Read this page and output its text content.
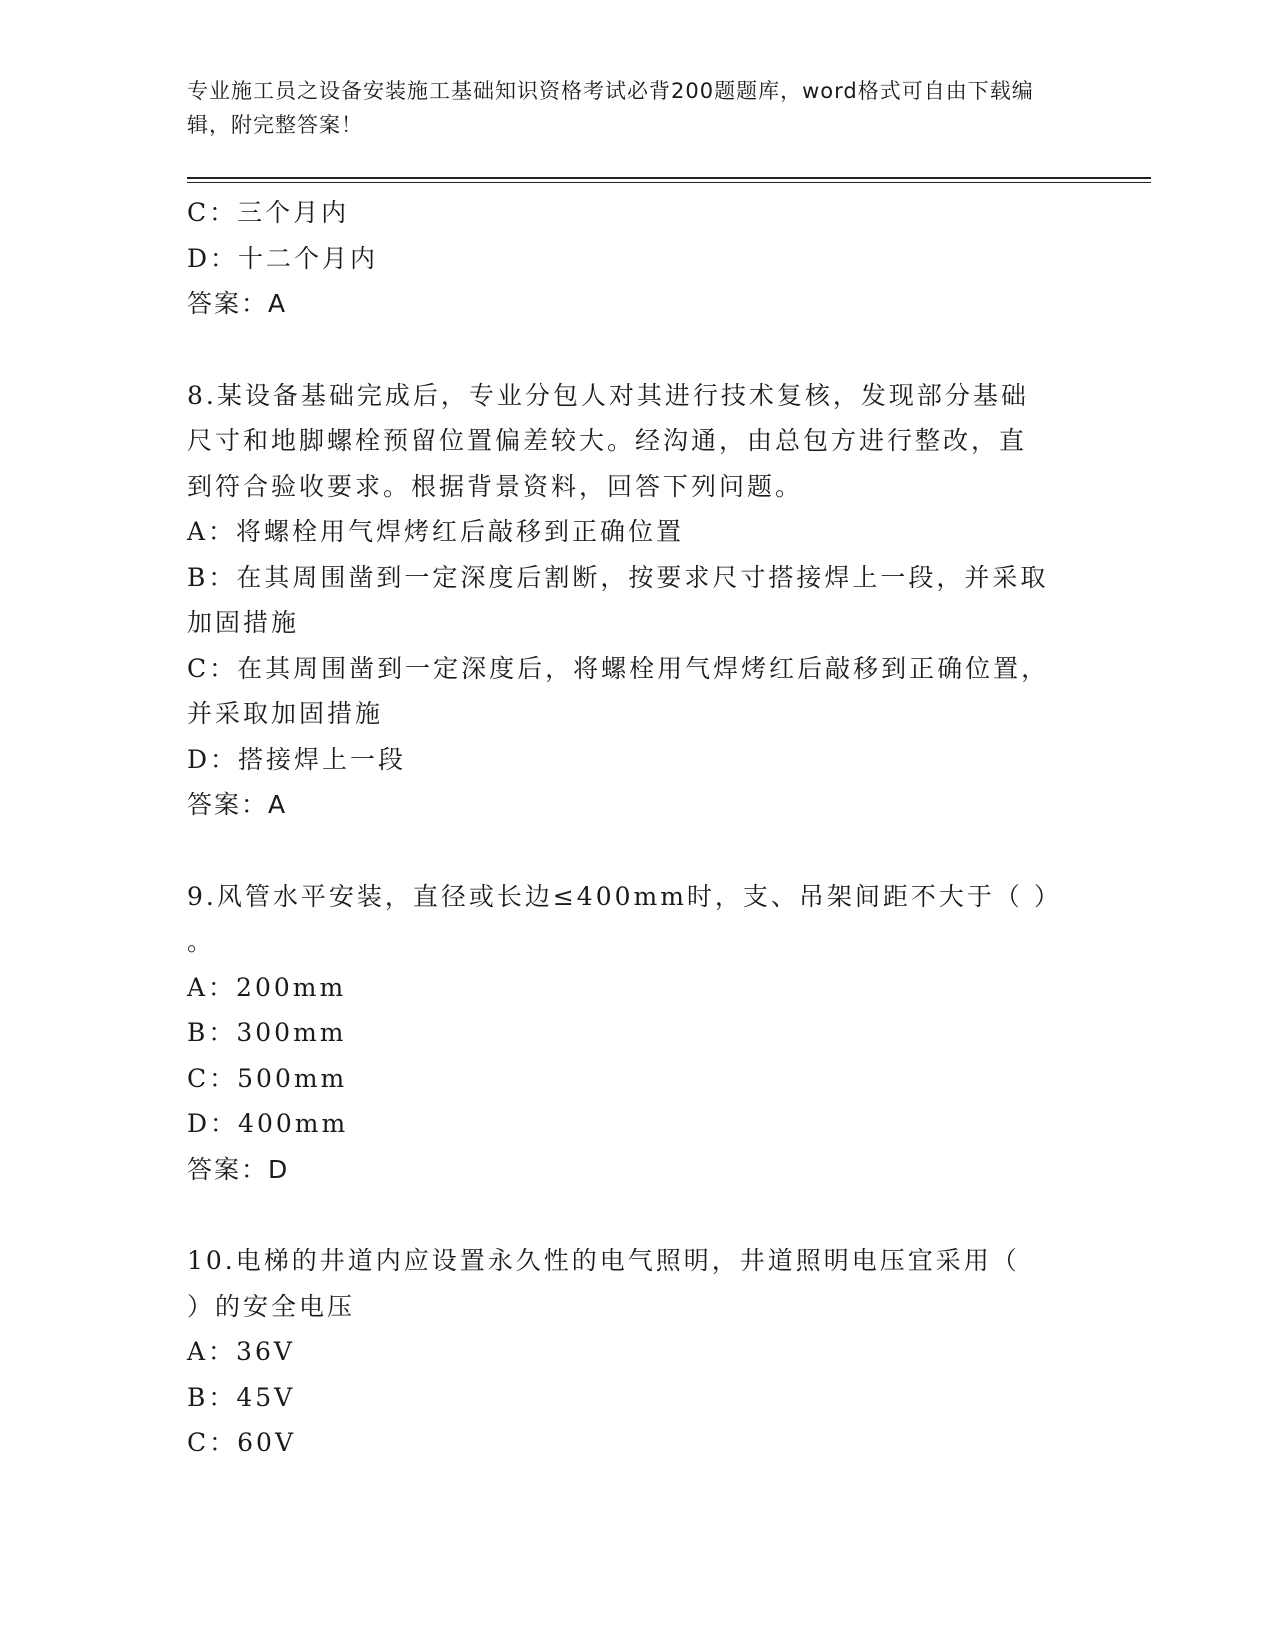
专业施工员之设备安装施工基础知识资格考试必背200题题库，word格式可自由下载编辑，附完整答案！

C：三个月内

D：十二个月内

答案：A

8.某设备基础完成后，专业分包人对其进行技术复核，发现部分基础

尺寸和地脚螺栓预留位置偏差较大。经沟通，由总包方进行整改，直

到符合验收要求。根据背景资料，回答下列问题。

A：将螺栓用气焊烤红后敲移到正确位置

B：在其周围凿到一定深度后割断，按要求尺寸搭接焊上一段，并采取

加固措施

C：在其周围凿到一定深度后，将螺栓用气焊烤红后敲移到正确位置，

并采取加固措施

D：搭接焊上一段

答案：A

9.风管水平安装，直径或长边≤400mm时，支、吊架间距不大于（ ）

。

A：200mm

B：300mm

C：500mm

D：400mm

答案：D

10.电梯的井道内应设置永久性的电气照明，井道照明电压宜采用（

）的安全电压

A：36V

B：45V

C：60V
